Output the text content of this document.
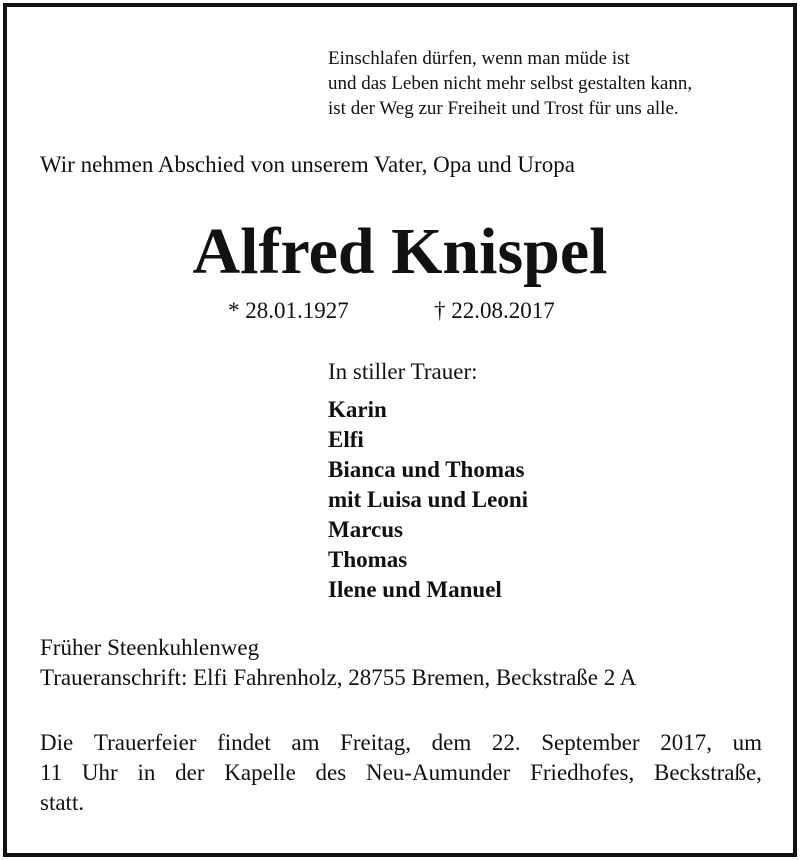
Einschlafen dürfen, wenn man müde ist
und das Leben nicht mehr selbst gestalten kann,
ist der Weg zur Freiheit und Trost für uns alle.
Wir nehmen Abschied von unserem Vater, Opa und Uropa
Alfred Knispel
* 28.01.1927	† 22.08.2017
In stiller Trauer:
Karin
Elfi
Bianca und Thomas
mit Luisa und Leoni
Marcus
Thomas
Ilene und Manuel
Früher Steenkuhlenweg
Traueranschrift: Elfi Fahrenholz, 28755 Bremen, Beckstraße 2 A
Die Trauerfeier findet am Freitag, dem 22. September 2017, um
11 Uhr in der Kapelle des Neu-Aumunder Friedhofes, Beckstraße,
statt.
